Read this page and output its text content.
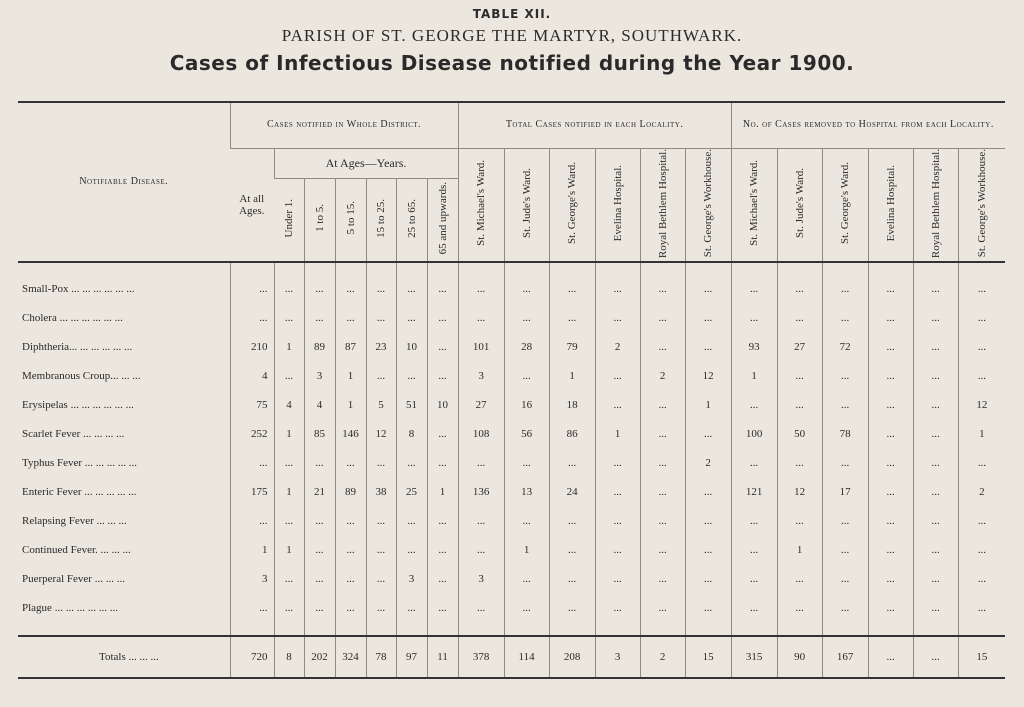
TABLE XII.
PARISH OF ST. GEORGE THE MARTYR, SOUTHWARK.
Cases of Infectious Disease notified during the Year 1900.
Notifiable Disease.	Cases notified in Whole District.							Total Cases notified in each Locality.						No. of Cases removed to Hospital from each Locality.					
	At all Ages.	At Ages—Years.						St. Michael's Ward.	St. Jude's Ward.	St. George's Ward.	Evelina Hospital.	Royal Bethlem Hospital.	St. George's Workhouse.	St. Michael's Ward.	St. Jude's Ward.	St. George's Ward.	Evelina Hospital.	Royal Bethlem Hospital.	St. George's Workhouse.
		Under 1.	1 to 5.	5 to 15.	15 to 25.	25 to 65.	65 and upwards.												

Small-Pox ... ... ... ... ... ...	...	...	...	...	...	...	...	...	...	...	...	...	...	...	...	...	...	...	...
Cholera ... ... ... ... ... ...	...	...	...	...	...	...	...	...	...	...	...	...	...	...	...	...	...	...	...
Diphtheria... ... ... ... ... ...	210	1	89	87	23	10	...	101	28	79	2	...	...	93	27	72	...	...	...
Membranous Croup... ... ...	4	...	3	1	...	...	...	3	...	1	...	2	12	1	...	...	...	...	...
Erysipelas ... ... ... ... ... ...	75	4	4	1	5	51	10	27	16	18	...	...	1	...	...	...	...	...	12
Scarlet Fever ... ... ... ...	252	1	85	146	12	8	...	108	56	86	1	...	...	100	50	78	...	...	1
Typhus Fever ... ... ... ... ...	...	...	...	...	...	...	...	...	...	...	...	...	2	...	...	...	...	...	...
Enteric Fever ... ... ... ... ...	175	1	21	89	38	25	1	136	13	24	...	...	...	121	12	17	...	...	2
Relapsing Fever ... ... ...	...	...	...	...	...	...	...	...	...	...	...	...	...	...	...	...	...	...	...
Continued Fever. ... ... ...	1	1	...	...	...	...	...	...	1	...	...	...	...	...	1	...	...	...	...
Puerperal Fever ... ... ...	3	...	...	...	...	3	...	3	...	...	...	...	...	...	...	...	...	...	...
Plague ... ... ... ... ... ...	...	...	...	...	...	...	...	...	...	...	...	...	...	...	...	...	...	...	...

Totals ... ... ...	720	8	202	324	78	97	11	378	114	208	3	2	15	315	90	167	...	...	15
